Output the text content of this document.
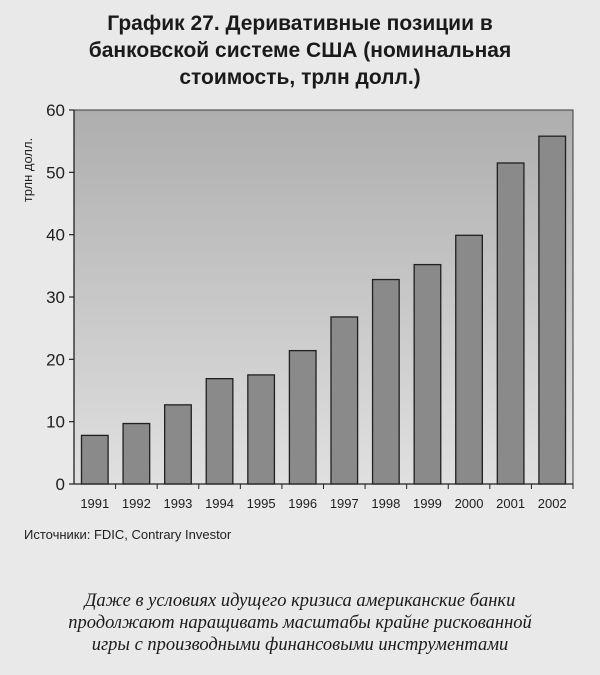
График 27. Деривативные позиции в
банковской системе США (номинальная
стоимость, трлн долл.)
0
10
20
30
40
50
60
трлн долл.
1991 1992 1993 1994 1995 1996 1997 1998 1999 2000 2001 2002
Источники: FDIC, Contrary Investor
Даже в условиях идущего кризиса американские банки
продолжают наращивать масштабы крайне рискованной
игры с производными финансовыми инструментами
